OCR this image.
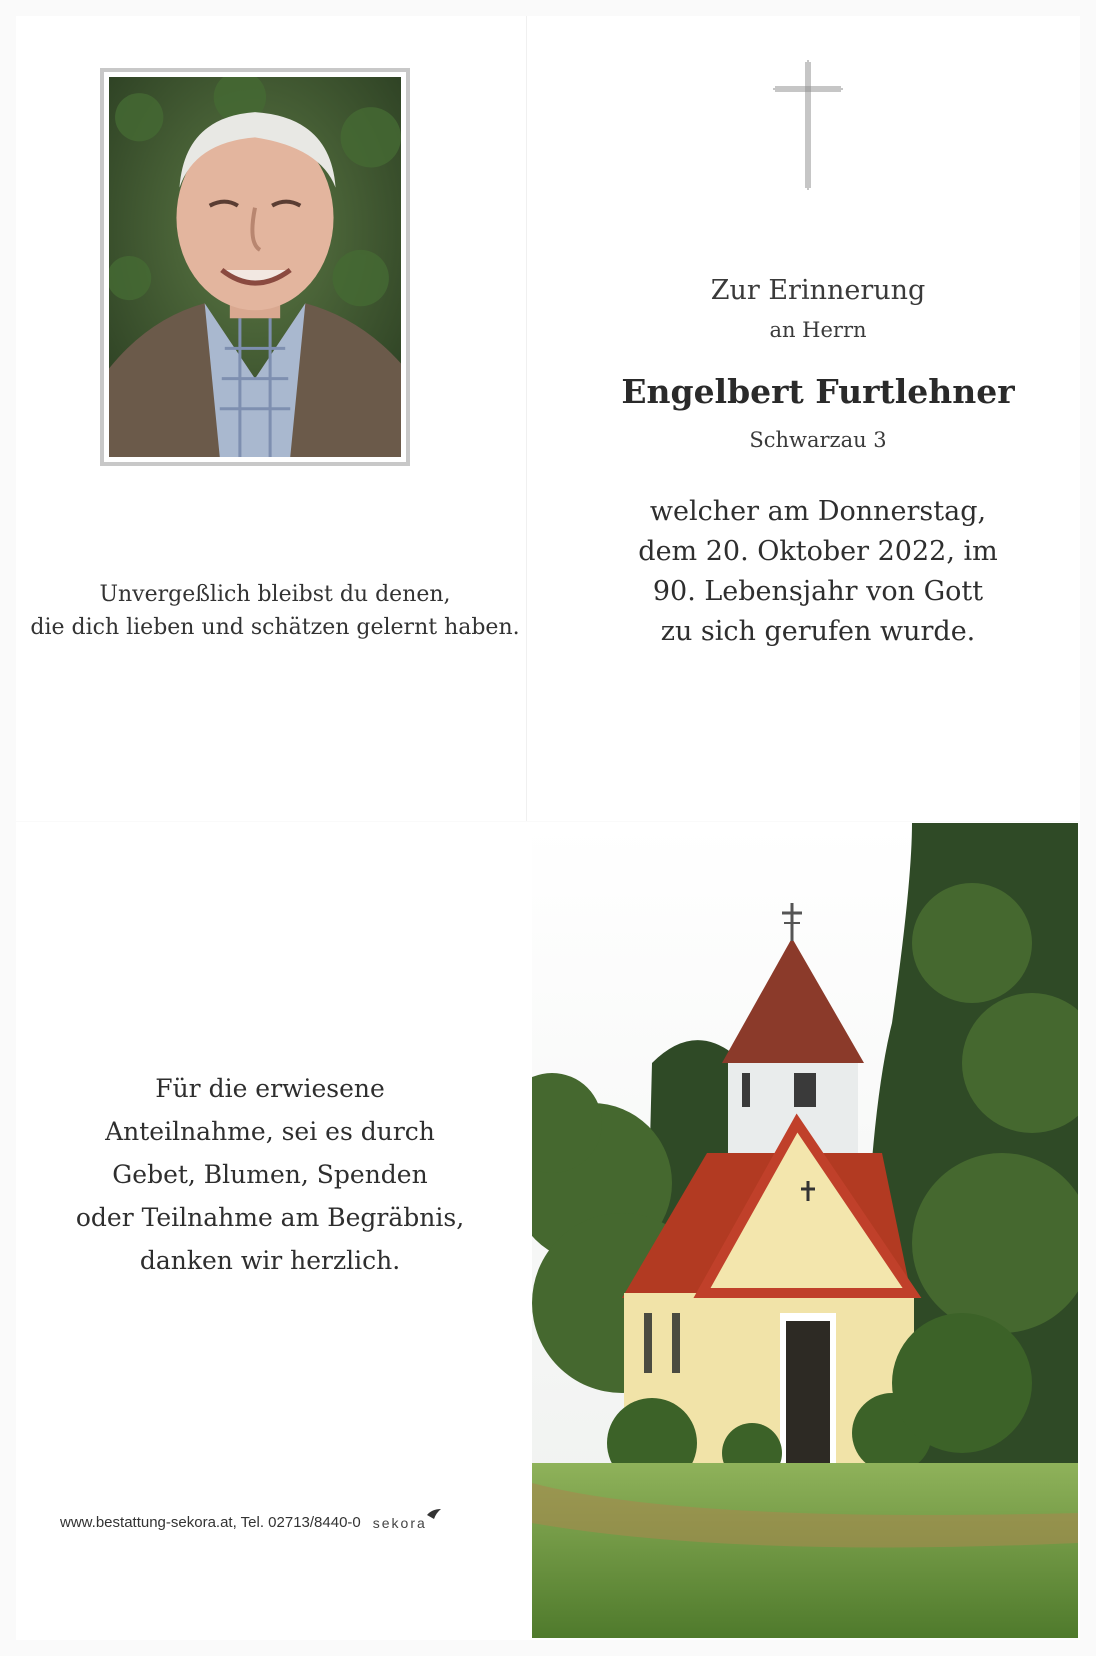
Unvergeßlich bleibst du denen,
die dich lieben und schätzen gelernt haben.
Zur Erinnerung
an Herrn
Engelbert Furtlehner
Schwarzau 3
welcher am Donnerstag,
dem 20. Oktober 2022, im
90. Lebensjahr von Gott
zu sich gerufen wurde.
Für die erwiesene
Anteilnahme, sei es durch
Gebet, Blumen, Spenden
oder Teilnahme am Begräbnis,
danken wir herzlich.
www.bestattung-sekora.at, Tel. 02713/8440-0 sekora
